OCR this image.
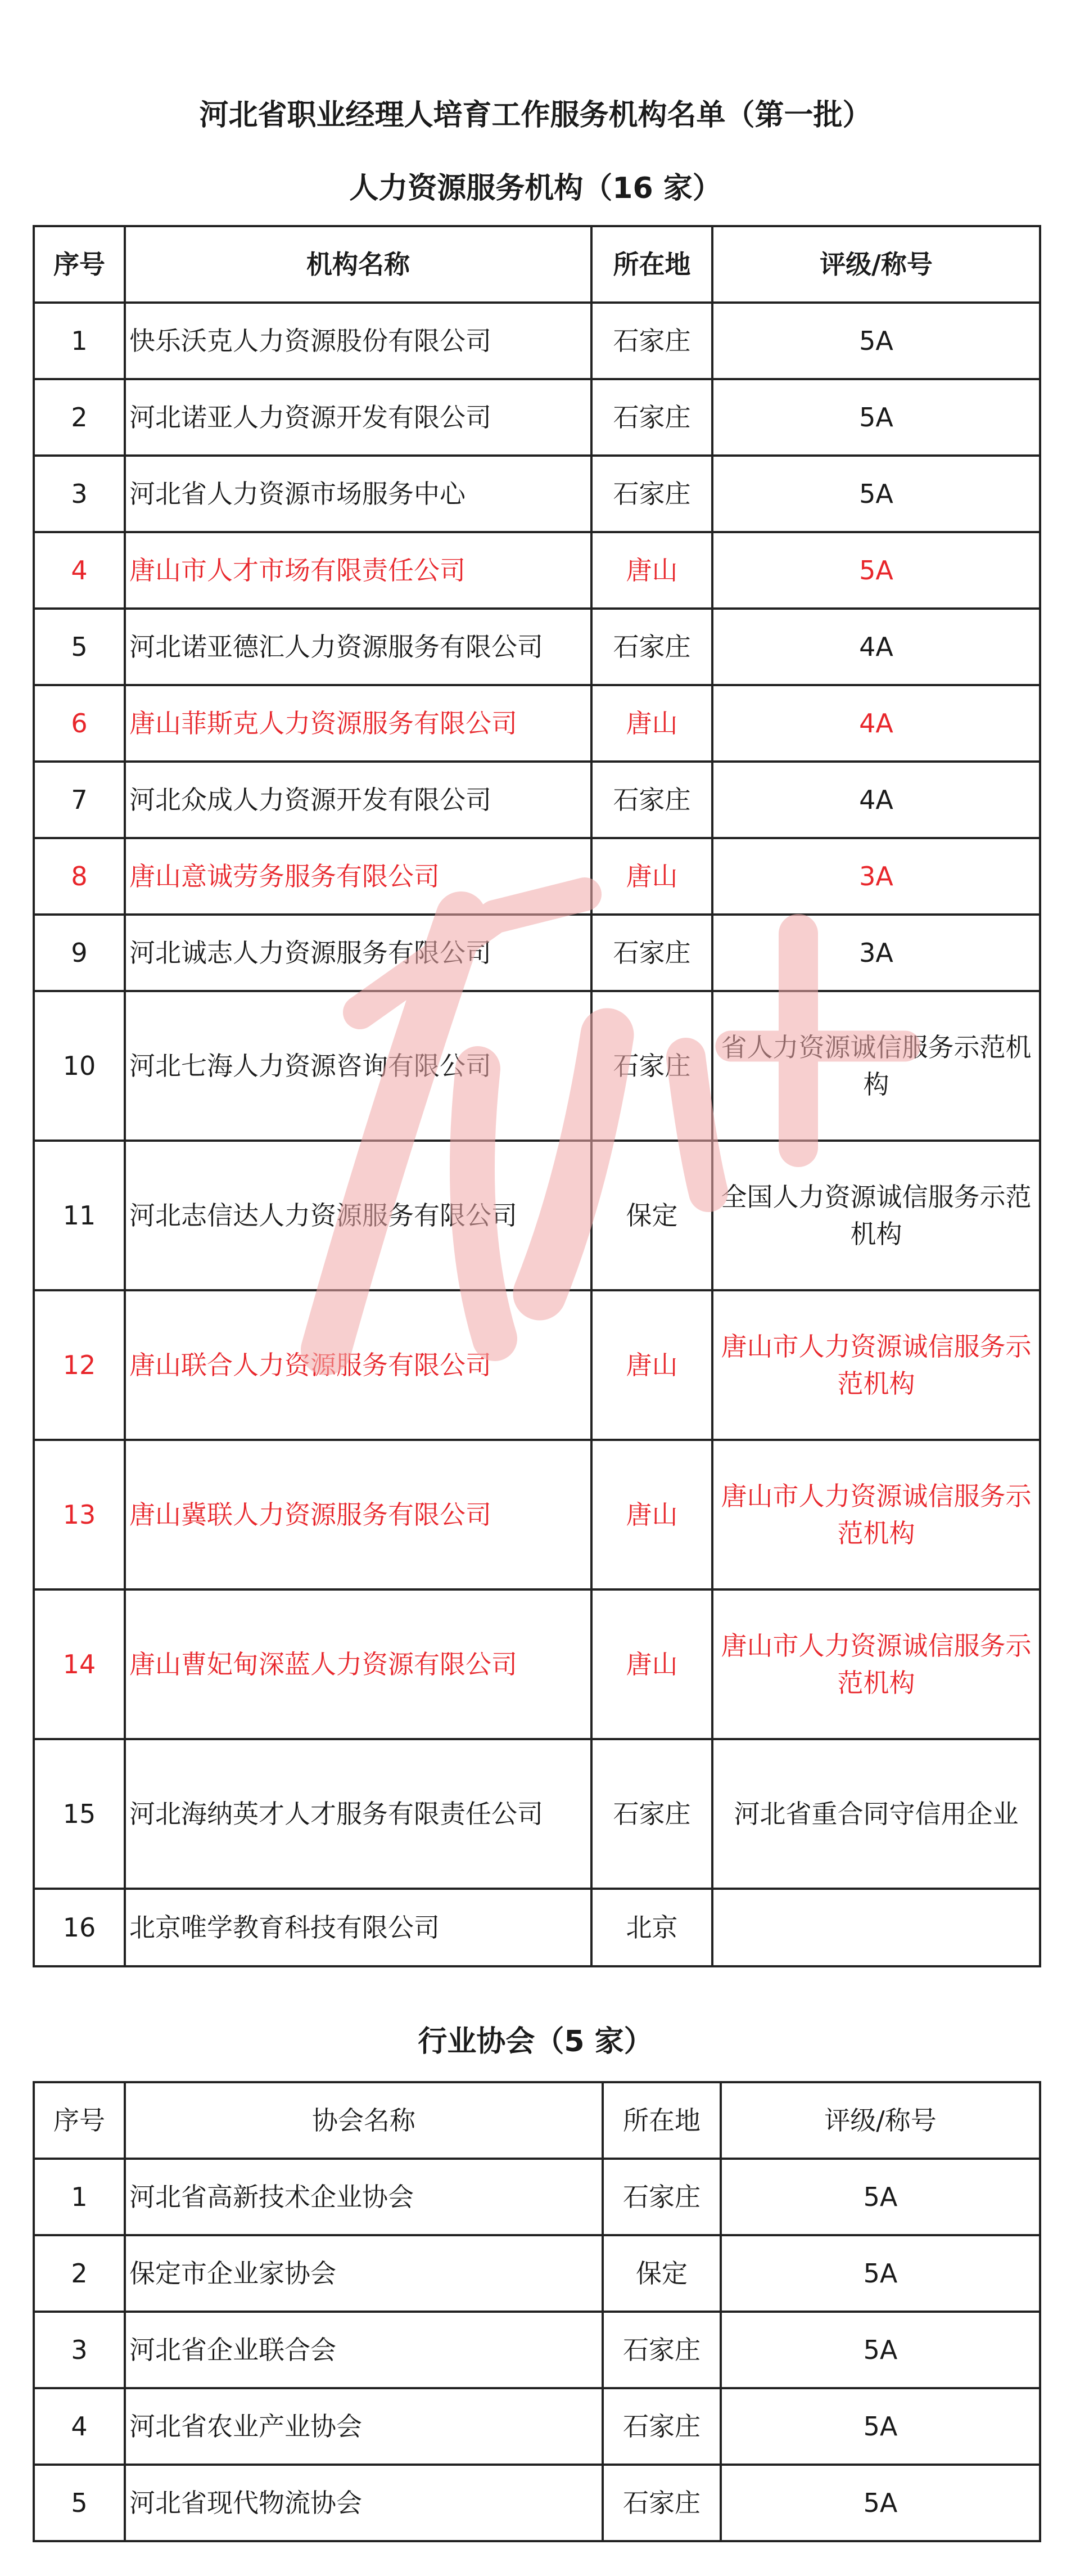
河北省职业经理人培育工作服务机构名单（第一批）
人力资源服务机构（16 家）
序号	机构名称	所在地	评级/称号
1	快乐沃克人力资源股份有限公司	石家庄	5A
2	河北诺亚人力资源开发有限公司	石家庄	5A
3	河北省人力资源市场服务中心	石家庄	5A
4	唐山市人才市场有限责任公司	唐山	5A
5	河北诺亚德汇人力资源服务有限公司	石家庄	4A
6	唐山菲斯克人力资源服务有限公司	唐山	4A
7	河北众成人力资源开发有限公司	石家庄	4A
8	唐山意诚劳务服务有限公司	唐山	3A
9	河北诚志人力资源服务有限公司	石家庄	3A
10	河北七海人力资源咨询有限公司	石家庄	省人力资源诚信服务示范机构
11	河北志信达人力资源服务有限公司	保定	全国人力资源诚信服务示范机构
12	唐山联合人力资源服务有限公司	唐山	唐山市人力资源诚信服务示范机构
13	唐山冀联人力资源服务有限公司	唐山	唐山市人力资源诚信服务示范机构
14	唐山曹妃甸深蓝人力资源有限公司	唐山	唐山市人力资源诚信服务示范机构
15	河北海纳英才人才服务有限责任公司	石家庄	河北省重合同守信用企业
16	北京唯学教育科技有限公司	北京	
行业协会（5 家）
序号	协会名称	所在地	评级/称号
1	河北省高新技术企业协会	石家庄	5A
2	保定市企业家协会	保定	5A
3	河北省企业联合会	石家庄	5A
4	河北省农业产业协会	石家庄	5A
5	河北省现代物流协会	石家庄	5A
